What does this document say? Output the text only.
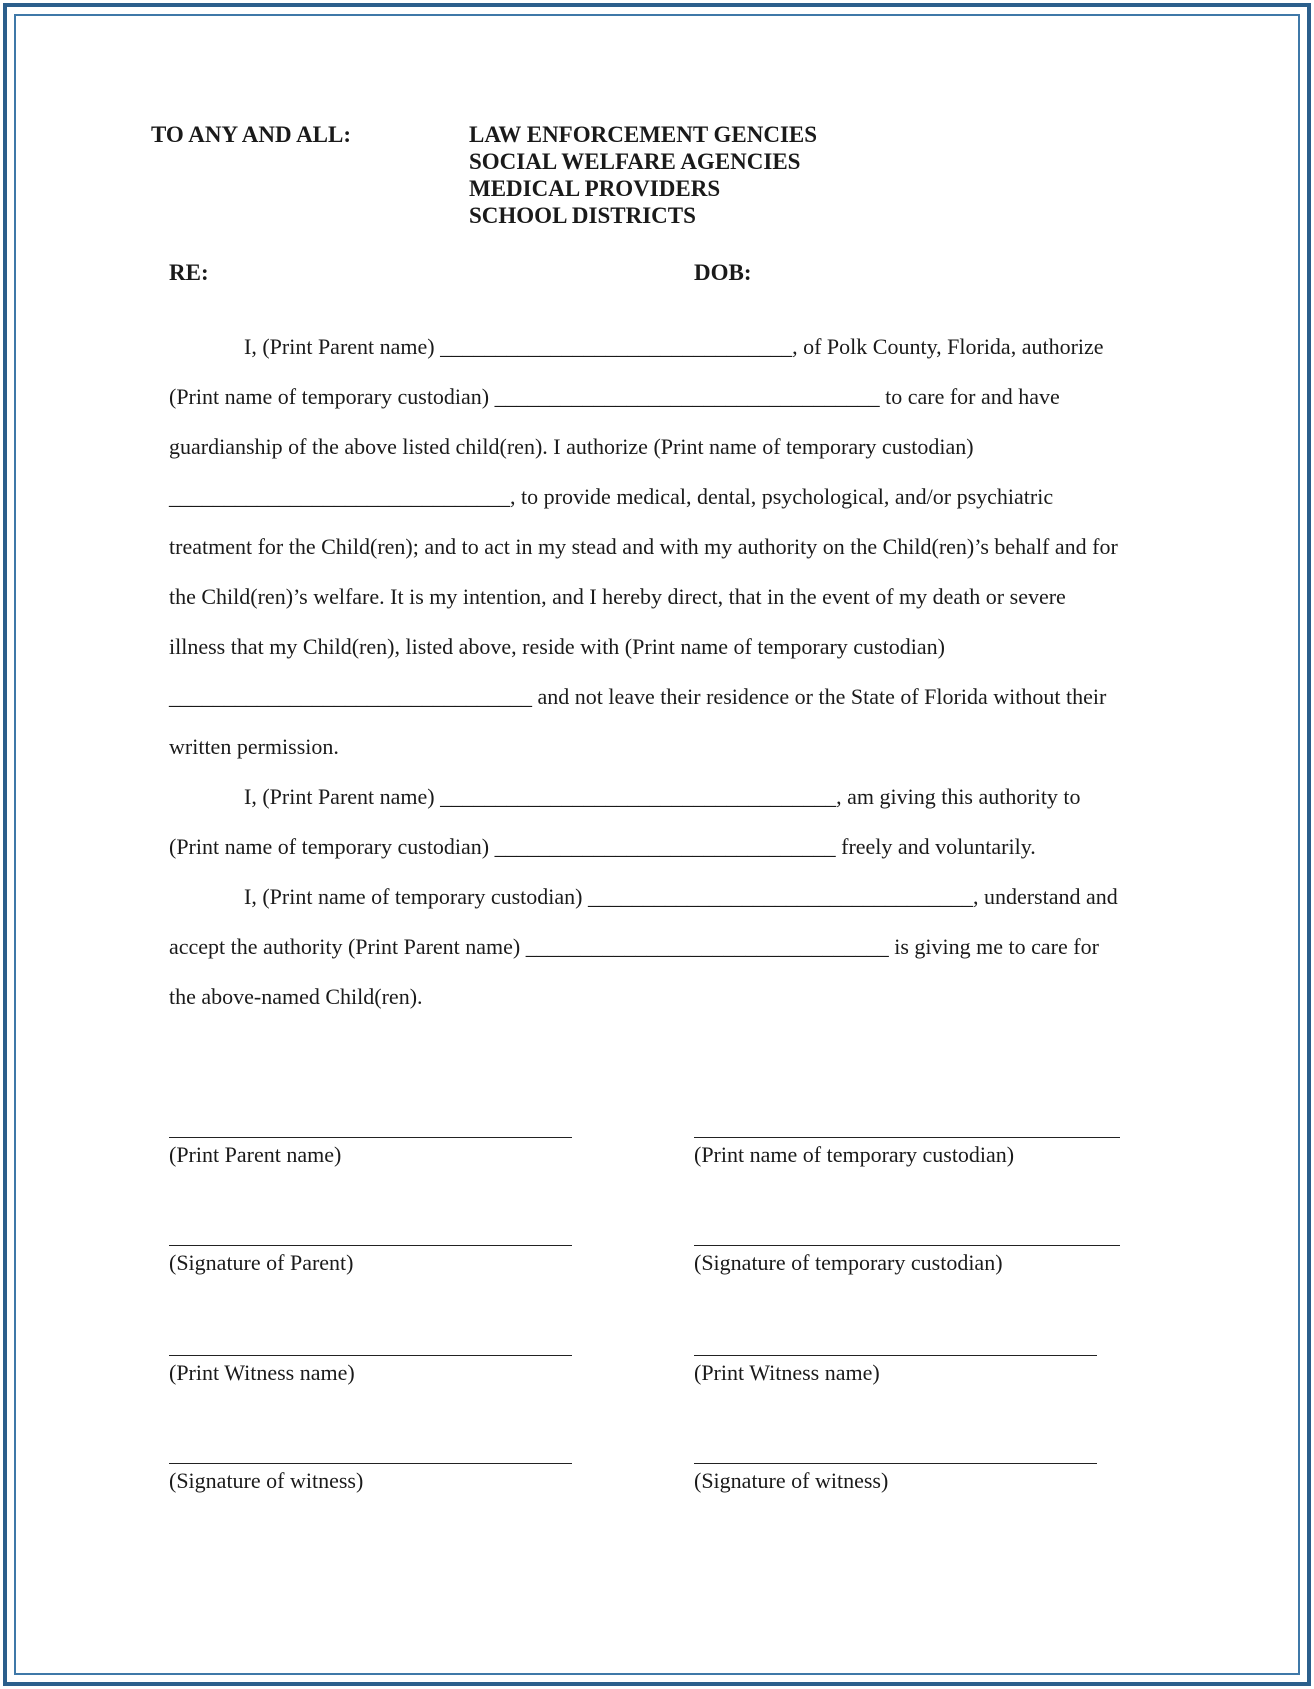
TO ANY AND ALL:	LAW ENFORCEMENT GENCIES
SOCIAL WELFARE AGENCIES
MEDICAL PROVIDERS
SCHOOL DISTRICTS
RE:	DOB:
I, (Print Parent name) ________________________________, of Polk County, Florida, authorize
(Print name of temporary custodian) ___________________________________ to care for and have
guardianship of the above listed child(ren). I authorize (Print name of temporary custodian)
_______________________________, to provide medical, dental, psychological, and/or psychiatric
treatment for the Child(ren); and to act in my stead and with my authority on the Child(ren)’s behalf and for
the Child(ren)’s welfare. It is my intention, and I hereby direct, that in the event of my death or severe
illness that my Child(ren), listed above, reside with (Print name of temporary custodian)
_________________________________ and not leave their residence or the State of Florida without their
written permission.
I, (Print Parent name) ____________________________________, am giving this authority to
(Print name of temporary custodian) _______________________________ freely and voluntarily.
I, (Print name of temporary custodian) ___________________________________, understand and
accept the authority (Print Parent name) _________________________________ is giving me to care for
the above-named Child(ren).
(Print Parent name)
(Signature of Parent)
(Print Witness name)
(Signature of witness)
(Print name of temporary custodian)
(Signature of temporary custodian)
(Print Witness name)
(Signature of witness)
